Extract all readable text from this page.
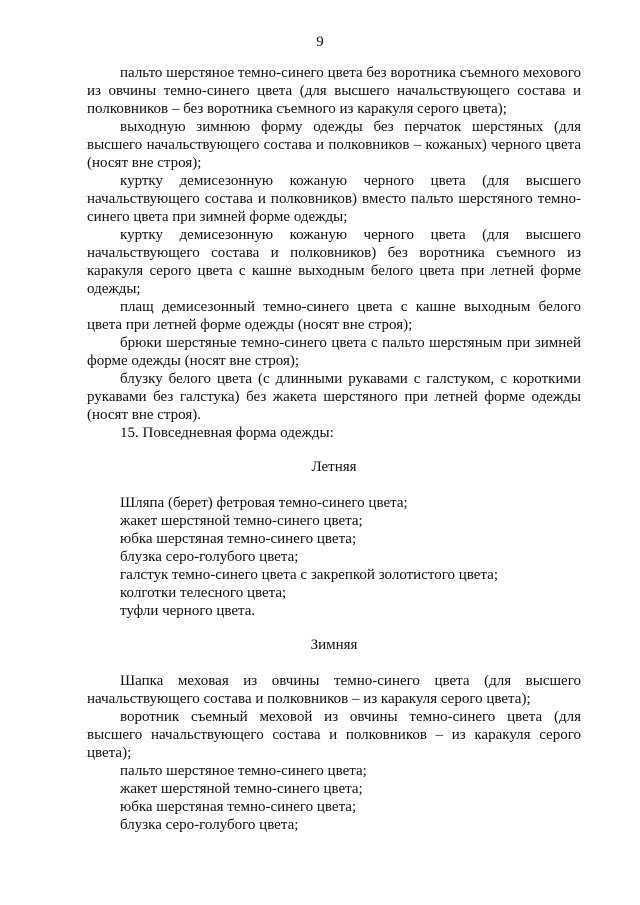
9

пальто шерстяное темно-синего цвета без воротника съемного мехового из овчины темно-синего цвета (для высшего начальствующего состава и полковников – без воротника съемного из каракуля серого цвета);

выходную зимнюю форму одежды без перчаток шерстяных (для высшего начальствующего состава и полковников – кожаных) черного цвета (носят вне строя);

куртку демисезонную кожаную черного цвета (для высшего начальствующего состава и полковников) вместо пальто шерстяного темно-синего цвета при зимней форме одежды;

куртку демисезонную кожаную черного цвета (для высшего начальствующего состава и полковников) без воротника съемного из каракуля серого цвета с кашне выходным белого цвета при летней форме одежды;

плащ демисезонный темно-синего цвета с кашне выходным белого цвета при летней форме одежды (носят вне строя);

брюки шерстяные темно-синего цвета с пальто шерстяным при зимней форме одежды (носят вне строя);

блузку белого цвета (с длинными рукавами с галстуком, с короткими рукавами без галстука) без жакета шерстяного при летней форме одежды (носят вне строя).

15. Повседневная форма одежды:

Летняя

Шляпа (берет) фетровая темно-синего цвета;

жакет шерстяной темно-синего цвета;

юбка шерстяная темно-синего цвета;

блузка серо-голубого цвета;

галстук темно-синего цвета с закрепкой золотистого цвета;

колготки телесного цвета;

туфли черного цвета.

Зимняя

Шапка меховая из овчины темно-синего цвета (для высшего начальствующего состава и полковников – из каракуля серого цвета);

воротник съемный меховой из овчины темно-синего цвета (для высшего начальствующего состава и полковников – из каракуля серого цвета);

пальто шерстяное темно-синего цвета;

жакет шерстяной темно-синего цвета;

юбка шерстяная темно-синего цвета;

блузка серо-голубого цвета;
